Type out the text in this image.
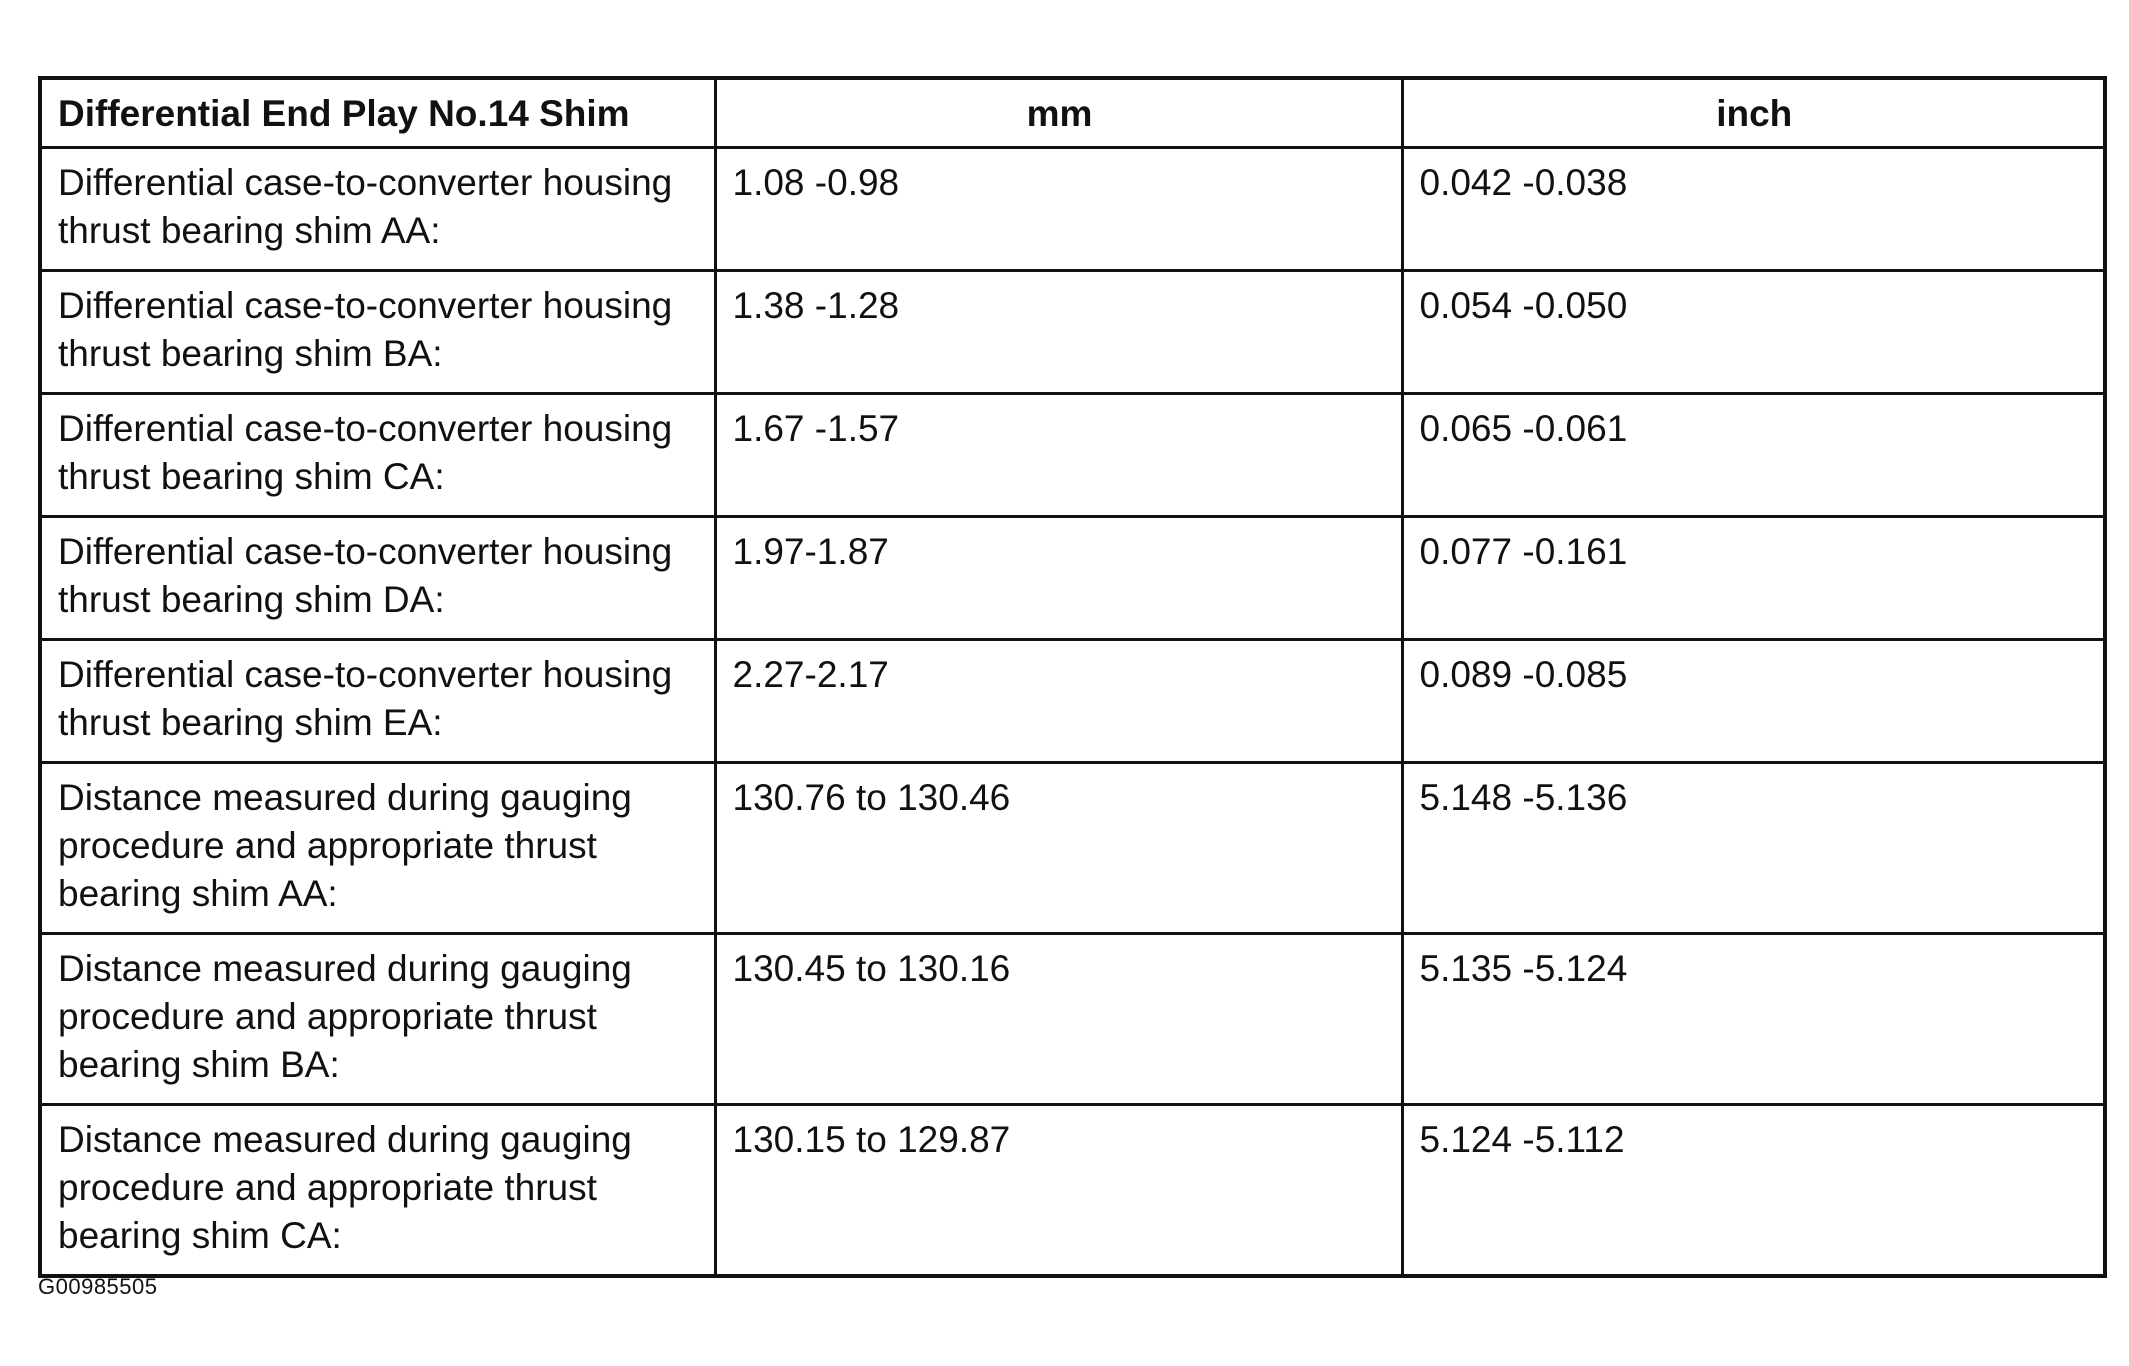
Differential End Play No.14 Shim	mm	inch
Differential case-to-converter housing thrust bearing shim AA:	1.08 -0.98	0.042 -0.038
Differential case-to-converter housing thrust bearing shim BA:	1.38 -1.28	0.054 -0.050
Differential case-to-converter housing thrust bearing shim CA:	1.67 -1.57	0.065 -0.061
Differential case-to-converter housing thrust bearing shim DA:	1.97-1.87	0.077 -0.161
Differential case-to-converter housing thrust bearing shim EA:	2.27-2.17	0.089 -0.085
Distance measured during gauging procedure and appropriate thrust bearing shim AA:	130.76 to 130.46	5.148 -5.136
Distance measured during gauging procedure and appropriate thrust bearing shim BA:	130.45 to 130.16	5.135 -5.124
Distance measured during gauging procedure and appropriate thrust bearing shim CA:	130.15 to 129.87	5.124 -5.112
G00985505
